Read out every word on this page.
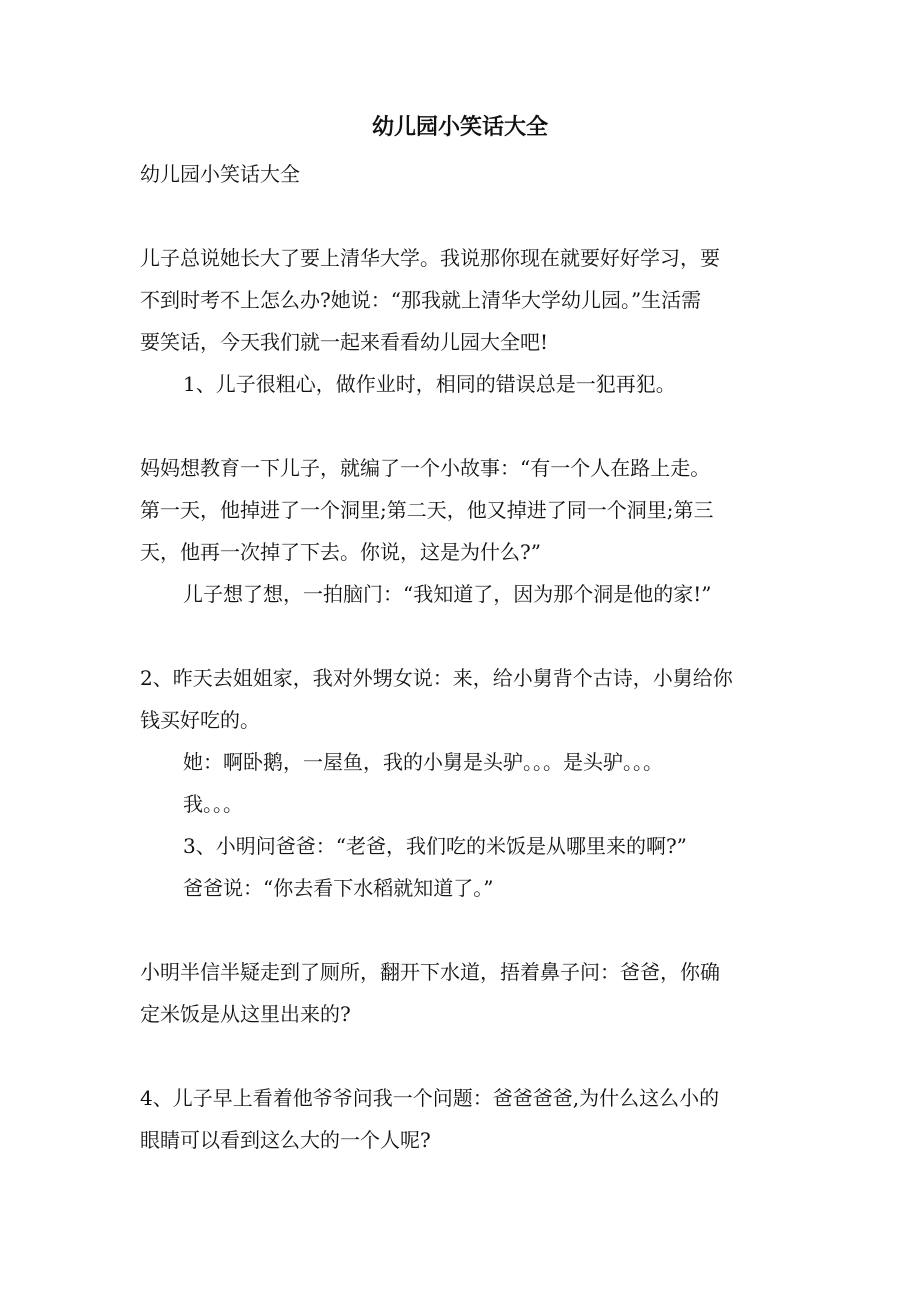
幼儿园小笑话大全

幼儿园小笑话大全

儿子总说她长大了要上清华大学。我说那你现在就要好好学习，要

不到时考不上怎么办?她说：“那我就上清华大学幼儿园。”生活需

要笑话，今天我们就一起来看看幼儿园大全吧!

1、儿子很粗心，做作业时，相同的错误总是一犯再犯。

妈妈想教育一下儿子，就编了一个小故事：“有一个人在路上走。

第一天，他掉进了一个洞里;第二天，他又掉进了同一个洞里;第三

天，他再一次掉了下去。你说，这是为什么?”

儿子想了想，一拍脑门：“我知道了，因为那个洞是他的家!”

2、昨天去姐姐家，我对外甥女说：来，给小舅背个古诗，小舅给你

钱买好吃的。

她：啊卧鹅，一屋鱼，我的小舅是头驴。。。是头驴。。。

我。。。

3、小明问爸爸：“老爸，我们吃的米饭是从哪里来的啊?”

爸爸说：“你去看下水稻就知道了。”

小明半信半疑走到了厕所，翻开下水道，捂着鼻子问：爸爸，你确

定米饭是从这里出来的?

4、儿子早上看着他爷爷问我一个问题：爸爸爸爸,为什么这么小的

眼睛可以看到这么大的一个人呢?
